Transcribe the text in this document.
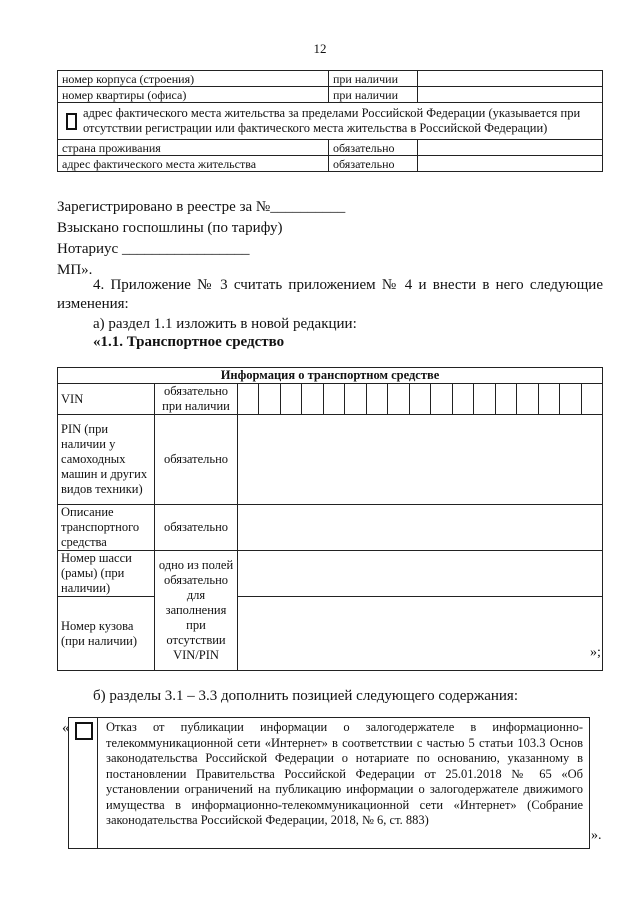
12
номер корпуса (строения)	при наличии	
номер квартиры (офиса)	при наличии	

адрес фактического места жительства за пределами Российской Федерации (указывается при отсутствии регистрации или фактического места жительства в Российской Федерации)		

страна проживания	обязательно	
адрес фактического места жительства	обязательно	
Зарегистрировано в реестре за №__________
Взыскано госпошлины (по тарифу)
Нотариус _________________
МП».
4. Приложение № 3 считать приложением № 4 и внести в него следующие изменения:
а) раздел 1.1 изложить в новой редакции:
«1.1. Транспортное средство
Информация о транспортном средстве		
VIN	обязательно при наличии	

PIN (при наличии у самоходных машин и других видов техники)	обязательно	
Описание транспортного средства	обязательно	
Номер шасси (рамы) (при наличии)	одно из полей обязательно для заполнения при отсутствии VIN/PIN	
Номер кузова (при наличии)		
»;
б) разделы 3.1 – 3.3 дополнить позицией следующего содержания:
«	Отказ от публикации информации о залогодержателе в информационно-телекоммуникационной сети «Интернет» в соответствии с частью 5 статьи 103.3 Основ законодательства Российской Федерации о нотариате по основанию, указанному в постановлении Правительства Российской Федерации от 25.01.2018 № 65 «Об установлении ограничений на публикацию информации о залогодержателе движимого имущества в информационно-телекоммуникационной сети «Интернет» (Собрание законодательства Российской Федерации, 2018, № 6, ст. 883)
».
